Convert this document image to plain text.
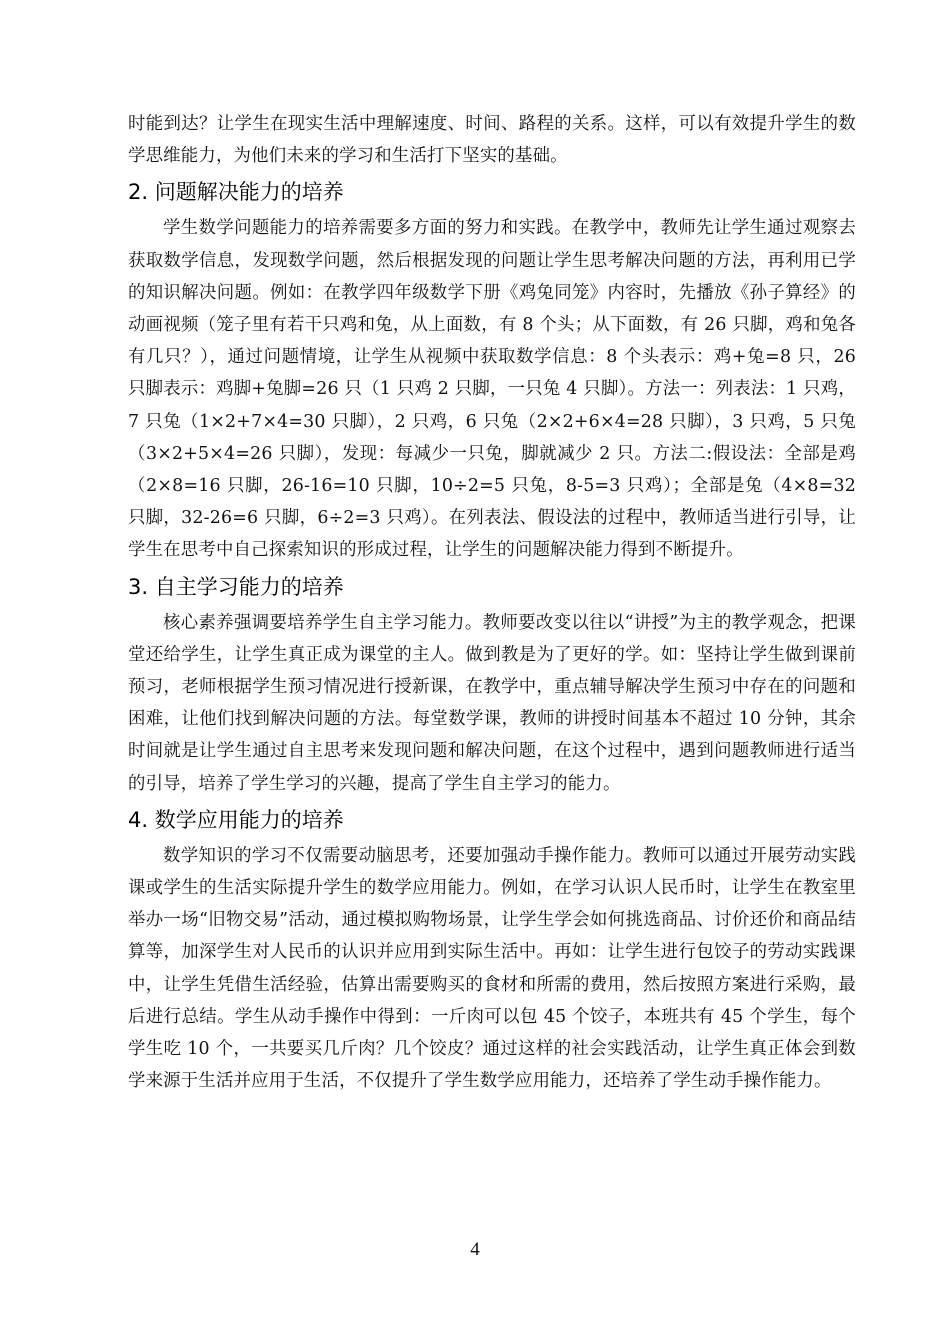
时能到达？让学生在现实生活中理解速度、时间、路程的关系。这样，可以有效提升学生的数学思维能力，为他们未来的学习和生活打下坚实的基础。

2. 问题解决能力的培养

学生数学问题能力的培养需要多方面的努力和实践。在教学中，教师先让学生通过观察去获取数学信息，发现数学问题，然后根据发现的问题让学生思考解决问题的方法，再利用已学的知识解决问题。例如：在教学四年级数学下册《鸡兔同笼》内容时，先播放《孙子算经》的动画视频（笼子里有若干只鸡和兔，从上面数，有 8 个头；从下面数，有 26 只脚，鸡和兔各有几只？），通过问题情境，让学生从视频中获取数学信息：8 个头表示：鸡+兔=8 只，26 只脚表示：鸡脚+兔脚=26 只（1 只鸡 2 只脚，一只兔 4 只脚）。方法一：列表法：1 只鸡，7 只兔（1×2+7×4=30 只脚），2 只鸡，6 只兔（2×2+6×4=28 只脚），3 只鸡，5 只兔（3×2+5×4=26 只脚），发现：每减少一只兔，脚就减少 2 只。方法二:假设法：全部是鸡（2×8=16 只脚，26-16=10 只脚，10÷2=5 只兔，8-5=3 只鸡）；全部是兔（4×8=32 只脚，32-26=6 只脚，6÷2=3 只鸡）。在列表法、假设法的过程中，教师适当进行引导，让学生在思考中自己探索知识的形成过程，让学生的问题解决能力得到不断提升。

3. 自主学习能力的培养

核心素养强调要培养学生自主学习能力。教师要改变以往以“讲授”为主的教学观念，把课堂还给学生，让学生真正成为课堂的主人。做到教是为了更好的学。如：坚持让学生做到课前预习，老师根据学生预习情况进行授新课，在教学中，重点辅导解决学生预习中存在的问题和困难，让他们找到解决问题的方法。每堂数学课，教师的讲授时间基本不超过 10 分钟，其余时间就是让学生通过自主思考来发现问题和解决问题，在这个过程中，遇到问题教师进行适当的引导，培养了学生学习的兴趣，提高了学生自主学习的能力。

4. 数学应用能力的培养

数学知识的学习不仅需要动脑思考，还要加强动手操作能力。教师可以通过开展劳动实践课或学生的生活实际提升学生的数学应用能力。例如，在学习认识人民币时，让学生在教室里举办一场“旧物交易”活动，通过模拟购物场景，让学生学会如何挑选商品、讨价还价和商品结算等，加深学生对人民币的认识并应用到实际生活中。再如：让学生进行包饺子的劳动实践课中，让学生凭借生活经验，估算出需要购买的食材和所需的费用，然后按照方案进行采购，最后进行总结。学生从动手操作中得到：一斤肉可以包 45 个饺子，本班共有 45 个学生，每个学生吃 10 个，一共要买几斤肉？几个饺皮？通过这样的社会实践活动，让学生真正体会到数学来源于生活并应用于生活，不仅提升了学生数学应用能力，还培养了学生动手操作能力。

4
